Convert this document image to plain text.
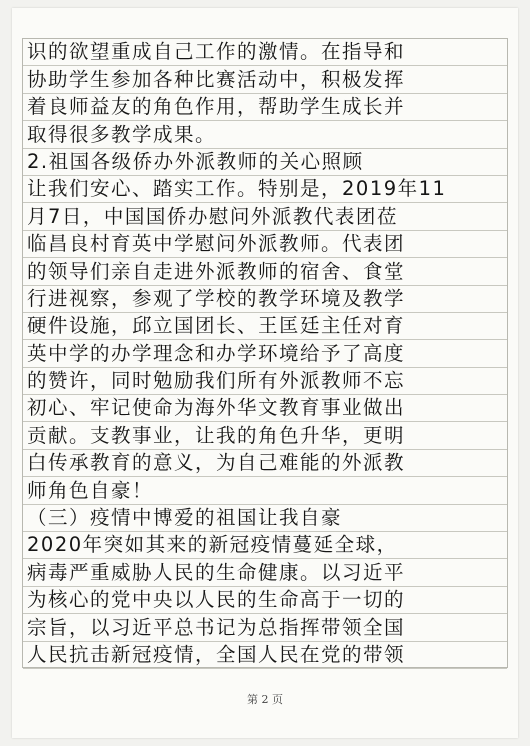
识的欲望重成自己工作的激情。在指导和
协助学生参加各种比赛活动中，积极发挥
着良师益友的角色作用，帮助学生成长并
取得很多教学成果。
2.祖国各级侨办外派教师的关心照顾
让我们安心、踏实工作。特别是，2019年11
月7日，中国国侨办慰问外派教代表团莅
临昌良村育英中学慰问外派教师。代表团
的领导们亲自走进外派教师的宿舍、食堂
行进视察，参观了学校的教学环境及教学
硬件设施，邱立国团长、王匡廷主任对育
英中学的办学理念和办学环境给予了高度
的赞许，同时勉励我们所有外派教师不忘
初心、牢记使命为海外华文教育事业做出
贡献。支教事业，让我的角色升华，更明
白传承教育的意义，为自己难能的外派教
师角色自豪！
（三）疫情中博爱的祖国让我自豪
2020年突如其来的新冠疫情蔓延全球，
病毒严重威胁人民的生命健康。以习近平
为核心的党中央以人民的生命高于一切的
宗旨，以习近平总书记为总指挥带领全国
人民抗击新冠疫情，全国人民在党的带领
第 2 页
